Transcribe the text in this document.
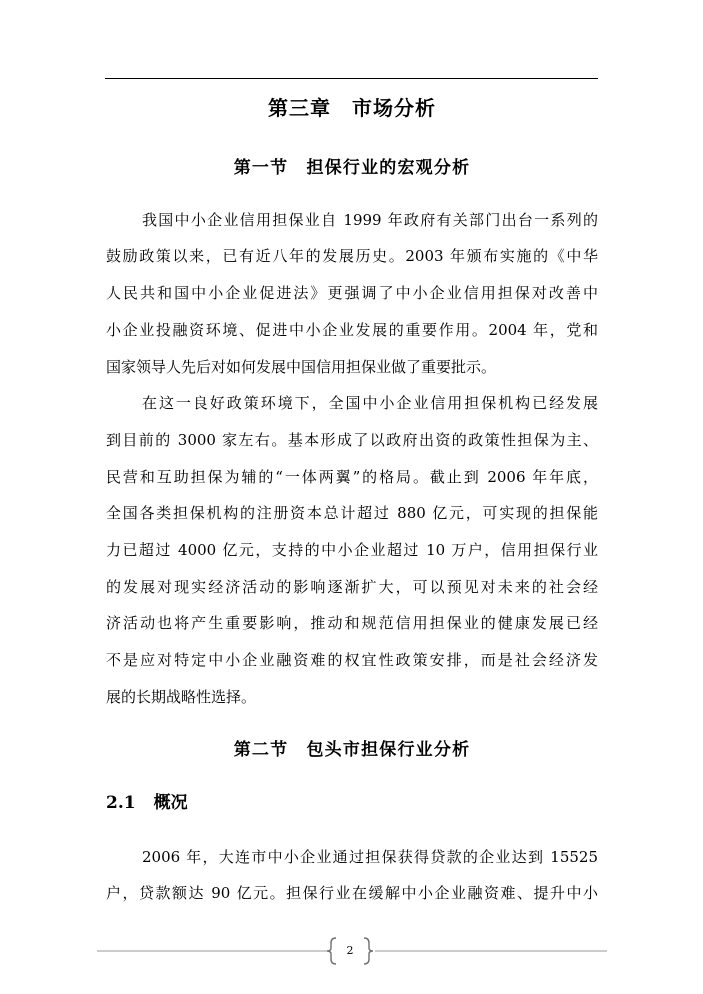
第三章　市场分析
第一节　担保行业的宏观分析
我国中小企业信用担保业自 1999 年政府有关部门出台一系列的
鼓励政策以来，已有近八年的发展历史。2003 年颁布实施的《中华
人民共和国中小企业促进法》更强调了中小企业信用担保对改善中
小企业投融资环境、促进中小企业发展的重要作用。2004 年，党和
国家领导人先后对如何发展中国信用担保业做了重要批示。
在这一良好政策环境下，全国中小企业信用担保机构已经发展
到目前的 3000 家左右。基本形成了以政府出资的政策性担保为主、
民营和互助担保为辅的“一体两翼”的格局。截止到 2006 年年底，
全国各类担保机构的注册资本总计超过 880 亿元，可实现的担保能
力已超过 4000 亿元，支持的中小企业超过 10 万户，信用担保行业
的发展对现实经济活动的影响逐渐扩大，可以预见对未来的社会经
济活动也将产生重要影响，推动和规范信用担保业的健康发展已经
不是应对特定中小企业融资难的权宜性政策安排，而是社会经济发
展的长期战略性选择。
第二节　包头市担保行业分析
2.1 概况
2006 年，大连市中小企业通过担保获得贷款的企业达到 15525
户，贷款额达 90 亿元。担保行业在缓解中小企业融资难、提升中小
2
